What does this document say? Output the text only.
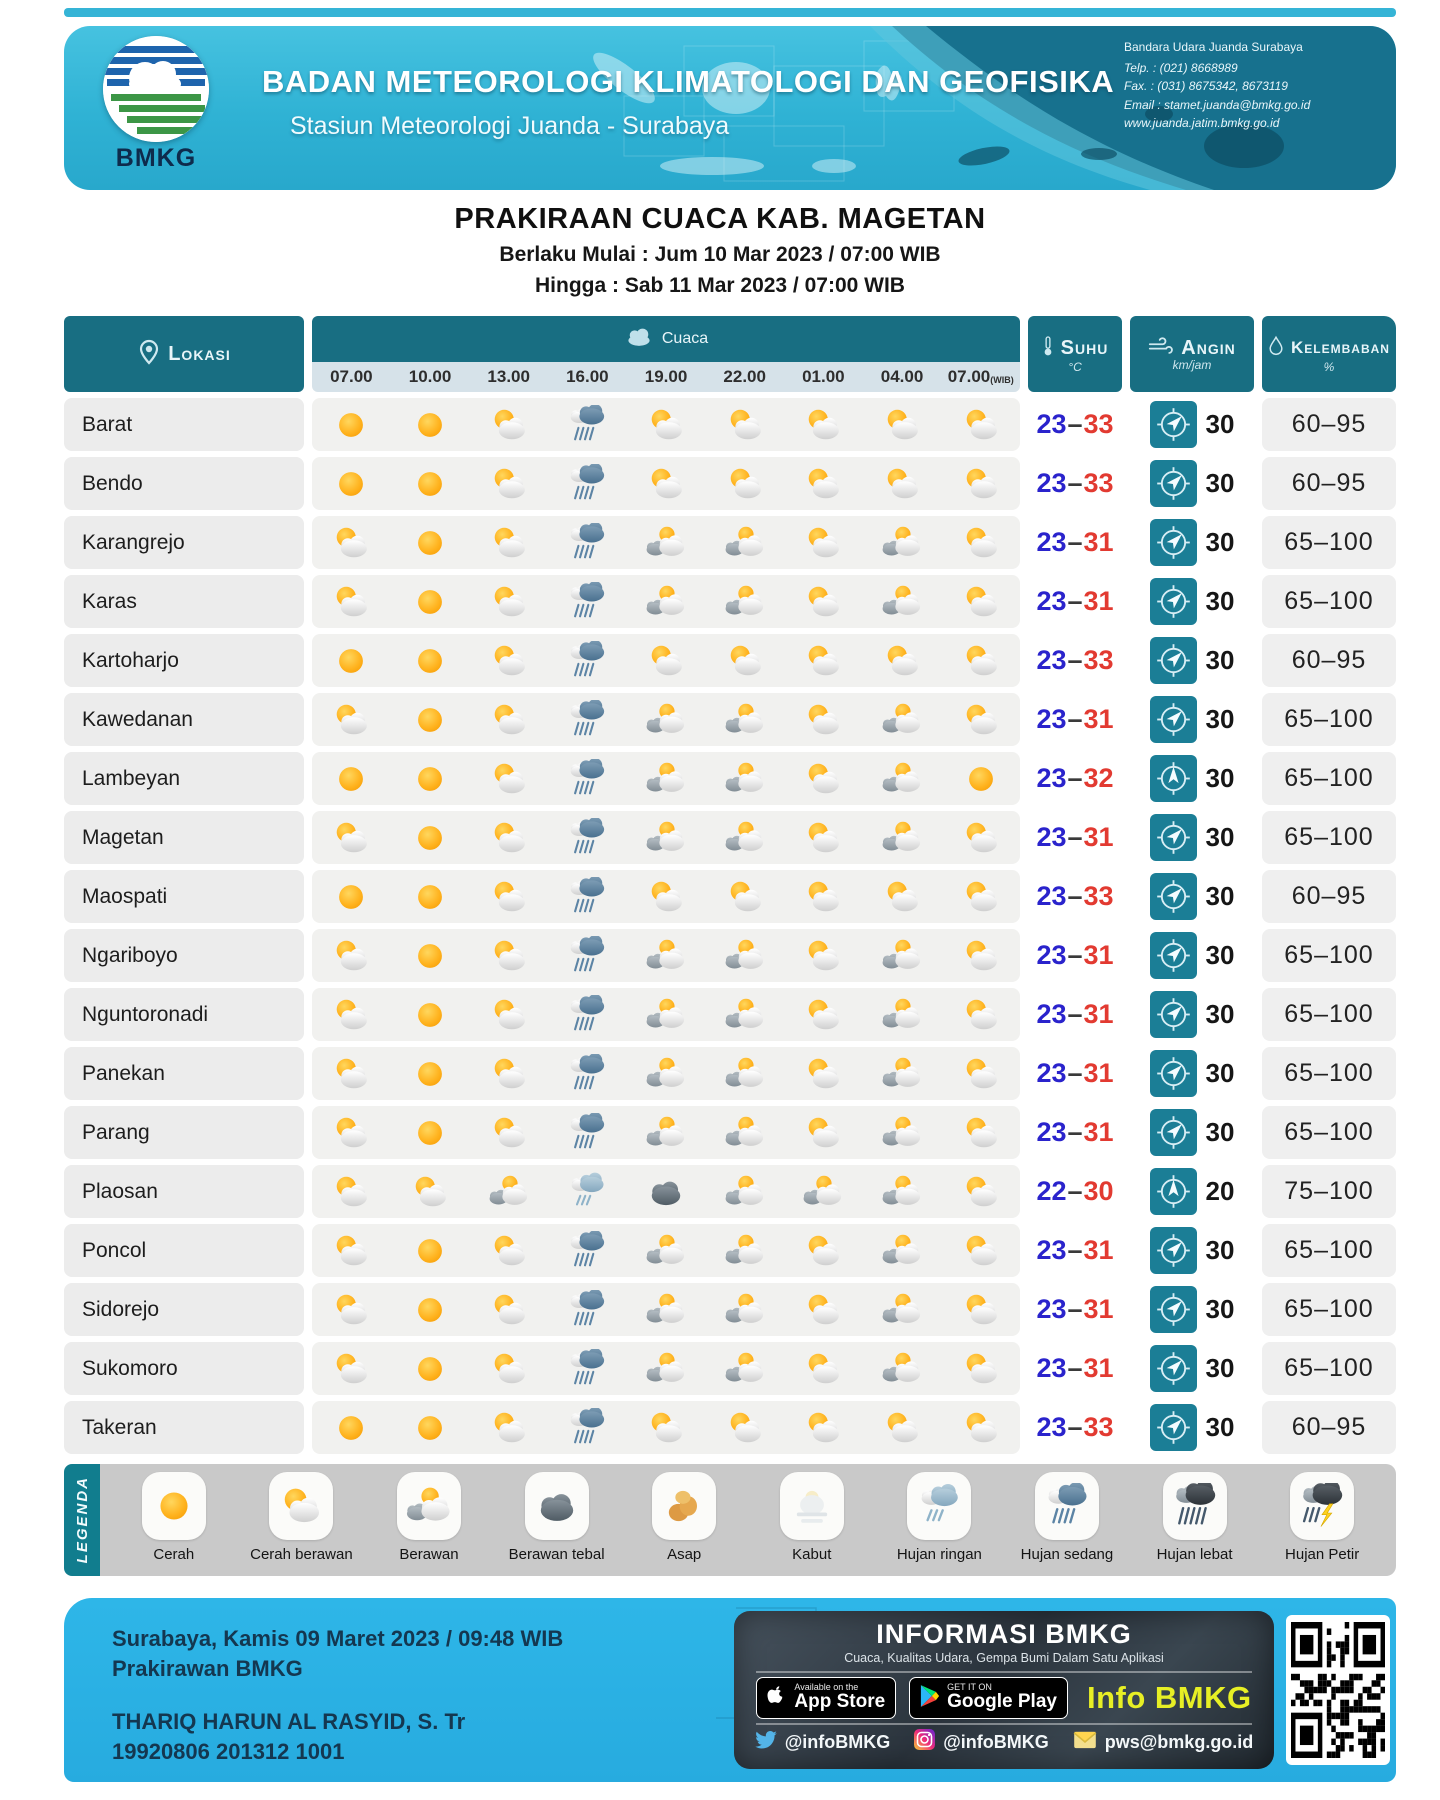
BMKG
BADAN METEOROLOGI KLIMATOLOGI DAN GEOFISIKA
Stasiun Meteorologi Juanda - Surabaya
Bandara Udara Juanda Surabaya
Telp. : (021) 8668989
Fax. : (031) 8675342, 8673119
Email : stamet.juanda@bmkg.go.id
www.juanda.jatim.bmkg.go.id
PRAKIRAAN CUACA KAB. MAGETAN
Berlaku Mulai : Jum 10 Mar 2023 / 07:00 WIB
Hingga : Sab 11 Mar 2023 / 07:00 WIB
Lokasi
Cuaca
07.00	10.00	13.00	16.00	19.00	22.00	01.00	04.00	07.00 (WIB)
Suhu
°C
Angin
km/jam
Kelembaban
%
Barat	23 – 33	30	60–95
Bendo	23 – 33	30	60–95
Karangrejo	23 – 31	30	65–100
Karas	23 – 31	30	65–100
Kartoharjo	23 – 33	30	60–95
Kawedanan	23 – 31	30	65–100
Lambeyan	23 – 32	30	65–100
Magetan	23 – 31	30	65–100
Maospati	23 – 33	30	60–95
Ngariboyo	23 – 31	30	65–100
Nguntoronadi	23 – 31	30	65–100
Panekan	23 – 31	30	65–100
Parang	23 – 31	30	65–100
Plaosan	22 – 30	20	75–100
Poncol	23 – 31	30	65–100
Sidorejo	23 – 31	30	65–100
Sukomoro	23 – 31	30	65–100
Takeran	23 – 33	30	60–95
LEGENDA	Cerah	Cerah berawan	Berawan	Berawan tebal	Asap	Kabut	Hujan ringan	Hujan sedang	Hujan lebat	Hujan Petir
Surabaya, Kamis 09 Maret 2023 / 09:48 WIB
Prakirawan BMKG
THARIQ HARUN AL RASYID, S. Tr
19920806 201312 1001
INFORMASI BMKG
Cuaca, Kualitas Udara, Gempa Bumi Dalam Satu Aplikasi
Available on the
App Store
GET IT ON
Google Play Info BMKG
@infoBMKG	@infoBMKG	pws@bmkg.go.id
